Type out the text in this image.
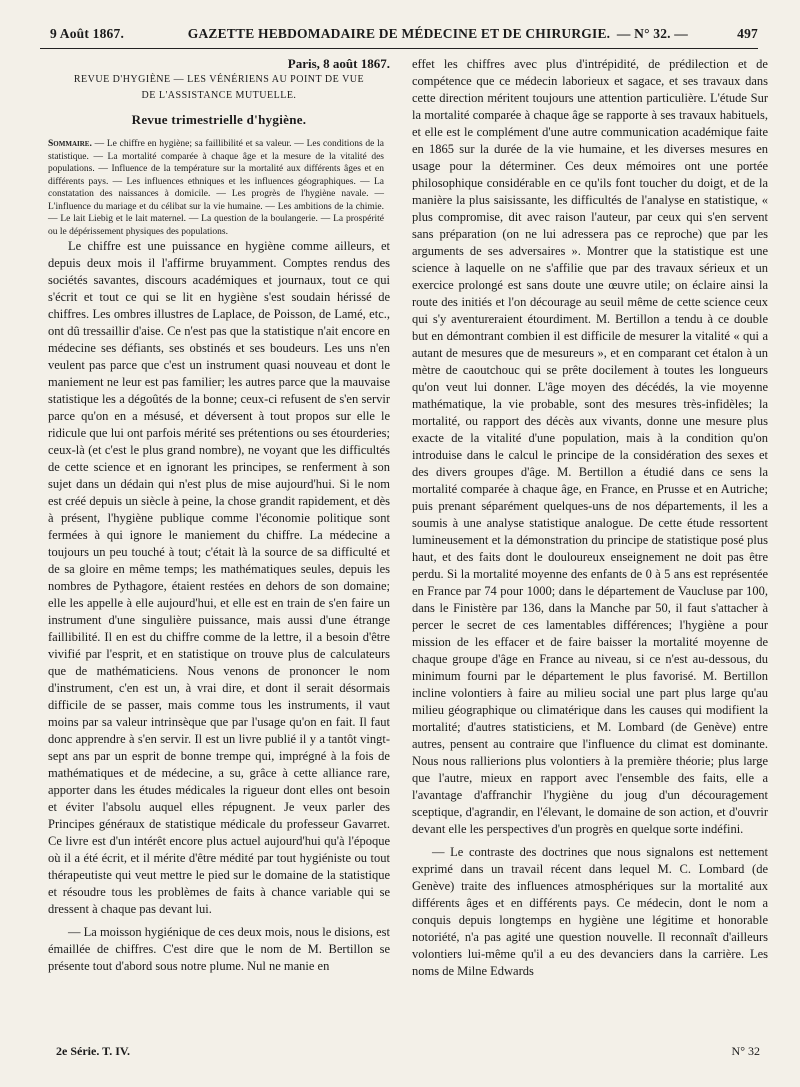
9 Août 1867.	GAZETTE HEBDOMADAIRE DE MÉDECINE ET DE CHIRURGIE. — N° 32. —	497

Paris, 8 août 1867.

REVUE D'HYGIÈNE — LES VÉNÉRIENS AU POINT DE VUE
DE L'ASSISTANCE MUTUELLE.
Revue trimestrielle d'hygiène.

Sommaire. — Le chiffre en hygiène; sa faillibilité et sa valeur. — Les conditions de la statistique. — La mortalité comparée à chaque âge et la mesure de la vitalité des populations. — Influence de la température sur la mortalité aux différents âges et en différents pays. — Les influences ethniques et les influences géographiques. — La constatation des naissances à domicile. — Les progrès de l'hygiène navale. — L'influence du mariage et du célibat sur la vie humaine. — Les ambitions de la chimie. — Le lait Liebig et le lait maternel. — La question de la boulangerie. — La prospérité ou le dépérissement physiques des populations.

Le chiffre est une puissance en hygiène comme ailleurs, et depuis deux mois il l'affirme bruyamment. Comptes rendus des sociétés savantes, discours académiques et journaux, tout ce qui s'écrit et tout ce qui se lit en hygiène s'est soudain hérissé de chiffres. Les ombres illustres de Laplace, de Poisson, de Lamé, etc., ont dû tressaillir d'aise. Ce n'est pas que la statistique n'ait encore en médecine ses défiants, ses obstinés et ses boudeurs. Les uns n'en veulent pas parce que c'est un instrument quasi nouveau et dont le maniement ne leur est pas familier; les autres parce que la mauvaise statistique les a dégoûtés de la bonne; ceux-ci refusent de s'en servir parce qu'on en a mésusé, et déversent à tout propos sur elle le ridicule que lui ont parfois mérité ses prétentions ou ses étourderies; ceux-là (et c'est le plus grand nombre), ne voyant que les difficultés de cette science et en ignorant les principes, se renferment à son sujet dans un dédain qui n'est plus de mise aujourd'hui. Si le nom est créé depuis un siècle à peine, la chose grandit rapidement, et dès à présent, l'hygiène publique comme l'économie politique sont fermées à qui ignore le maniement du chiffre. La médecine a toujours un peu touché à tout; c'était là la source de sa difficulté et de sa gloire en même temps; les mathématiques seules, depuis les nombres de Pythagore, étaient restées en dehors de son domaine; elle les appelle à elle aujourd'hui, et elle est en train de s'en faire un instrument d'une singulière puissance, mais aussi d'une étrange faillibilité. Il en est du chiffre comme de la lettre, il a besoin d'être vivifié par l'esprit, et en statistique on trouve plus de calculateurs que de mathématiciens. Nous venons de prononcer le nom d'instrument, c'en est un, à vrai dire, et dont il serait désormais difficile de se passer, mais comme tous les instruments, il vaut moins par sa valeur intrinsèque que par l'usage qu'on en fait. Il faut donc apprendre à s'en servir. Il est un livre publié il y a tantôt vingt-sept ans par un esprit de bonne trempe qui, imprégné à la fois de mathématiques et de médecine, a su, grâce à cette alliance rare, apporter dans les études médicales la rigueur dont elles ont besoin et éviter l'absolu auquel elles répugnent. Je veux parler des Principes généraux de statistique médicale du professeur Gavarret. Ce livre est d'un intérêt encore plus actuel aujourd'hui qu'à l'époque où il a été écrit, et il mérite d'être médité par tout hygiéniste ou tout thérapeutiste qui veut mettre le pied sur le domaine de la statistique et résoudre tous les problèmes de faits à chance variable qui se dressent à chaque pas devant lui.

— La moisson hygiénique de ces deux mois, nous le disions, est émaillée de chiffres. C'est dire que le nom de M. Bertillon se présente tout d'abord sous notre plume. Nul ne manie en

effet les chiffres avec plus d'intrépidité, de prédilection et de compétence que ce médecin laborieux et sagace, et ses travaux dans cette direction méritent toujours une attention particulière. L'étude Sur la mortalité comparée à chaque âge se rapporte à ses travaux habituels, et elle est le complément d'une autre communication académique faite en 1865 sur la durée de la vie humaine, et les diverses mesures en usage pour la déterminer. Ces deux mémoires ont une portée philosophique considérable en ce qu'ils font toucher du doigt, et de la manière la plus saisissante, les difficultés de l'analyse en statistique, « plus compromise, dit avec raison l'auteur, par ceux qui s'en servent sans préparation (on ne lui adressera pas ce reproche) que par les arguments de ses adversaires ». Montrer que la statistique est une science à laquelle on ne s'affilie que par des travaux sérieux et un exercice prolongé est sans doute une œuvre utile; on éclaire ainsi la route des initiés et l'on décourage au seuil même de cette science ceux qui s'y aventureraient étourdiment. M. Bertillon a tendu à ce double but en démontrant combien il est difficile de mesurer la vitalité « qui a autant de mesures que de mesureurs », et en comparant cet étalon à un mètre de caoutchouc qui se prête docilement à toutes les longueurs qu'on veut lui donner. L'âge moyen des décédés, la vie moyenne mathématique, la vie probable, sont des mesures très-infidèles; la mortalité, ou rapport des décès aux vivants, donne une mesure plus exacte de la vitalité d'une population, mais à la condition qu'on introduise dans le calcul le principe de la considération des sexes et des divers groupes d'âge. M. Bertillon a étudié dans ce sens la mortalité comparée à chaque âge, en France, en Prusse et en Autriche; puis prenant séparément quelques-uns de nos départements, il les a soumis à une analyse statistique analogue. De cette étude ressortent lumineusement et la démonstration du principe de statistique posé plus haut, et des faits dont le douloureux enseignement ne doit pas être perdu. Si la mortalité moyenne des enfants de 0 à 5 ans est représentée en France par 74 pour 1000; dans le département de Vaucluse par 100, dans le Finistère par 136, dans la Manche par 50, il faut s'attacher à percer le secret de ces lamentables différences; l'hygiène a pour mission de les effacer et de faire baisser la mortalité moyenne de chaque groupe d'âge en France au niveau, si ce n'est au-dessous, du minimum fourni par le département le plus favorisé. M. Bertillon incline volontiers à faire au milieu social une part plus large qu'au milieu géographique ou climatérique dans les causes qui modifient la mortalité; d'autres statisticiens, et M. Lombard (de Genève) entre autres, pensent au contraire que l'influence du climat est dominante. Nous nous rallierions plus volontiers à la première théorie; plus large que l'autre, mieux en rapport avec l'ensemble des faits, elle a l'avantage d'affranchir l'hygiène du joug d'un découragement sceptique, d'agrandir, en l'élevant, le domaine de son action, et d'ouvrir devant elle les perspectives d'un progrès en quelque sorte indéfini.

— Le contraste des doctrines que nous signalons est nettement exprimé dans un travail récent dans lequel M. C. Lombard (de Genève) traite des influences atmosphériques sur la mortalité aux différents âges et en différents pays. Ce médecin, dont le nom a conquis depuis longtemps en hygiène une légitime et honorable notoriété, n'a pas agité une question nouvelle. Il reconnaît d'ailleurs volontiers lui-même qu'il a eu des devanciers dans la carrière. Les noms de Milne Edwards

2e Série. T. IV.	N° 32
